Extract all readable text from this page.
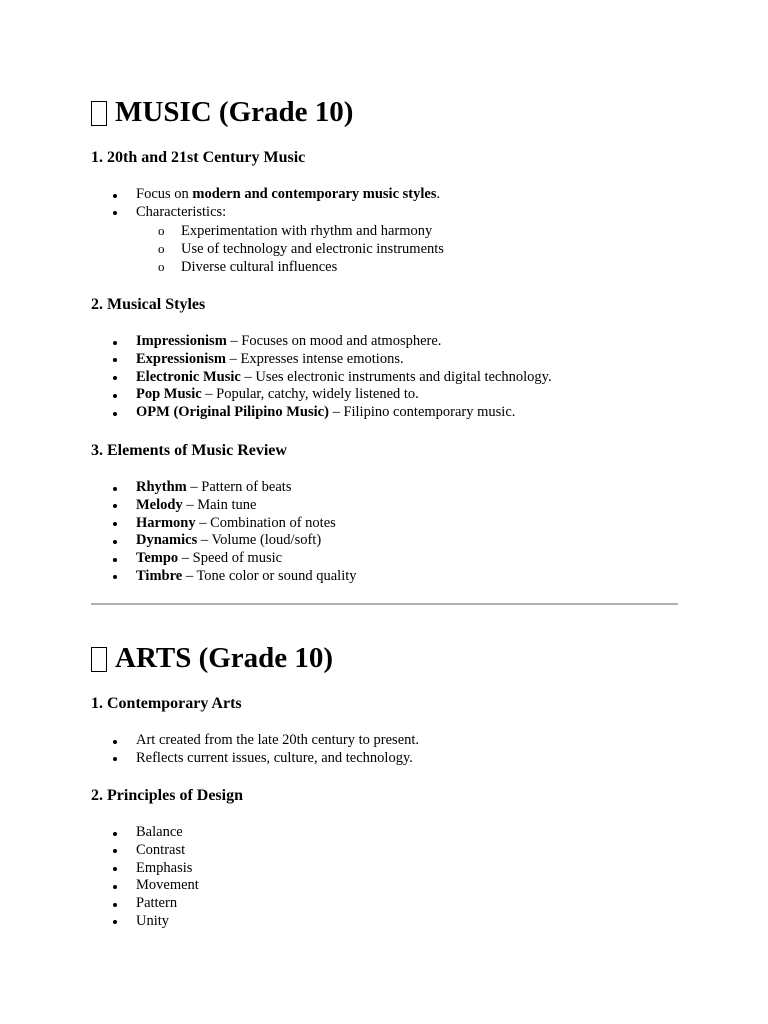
MUSIC (Grade 10)
1. 20th and 21st Century Music
Focus on modern and contemporary music styles.
Characteristics:
o Experimentation with rhythm and harmony
o Use of technology and electronic instruments
o Diverse cultural influences
2. Musical Styles
Impressionism – Focuses on mood and atmosphere.
Expressionism – Expresses intense emotions.
Electronic Music – Uses electronic instruments and digital technology.
Pop Music – Popular, catchy, widely listened to.
OPM (Original Pilipino Music) – Filipino contemporary music.
3. Elements of Music Review
Rhythm – Pattern of beats
Melody – Main tune
Harmony – Combination of notes
Dynamics – Volume (loud/soft)
Tempo – Speed of music
Timbre – Tone color or sound quality
ARTS (Grade 10)
1. Contemporary Arts
Art created from the late 20th century to present.
Reflects current issues, culture, and technology.
2. Principles of Design
Balance
Contrast
Emphasis
Movement
Pattern
Unity
